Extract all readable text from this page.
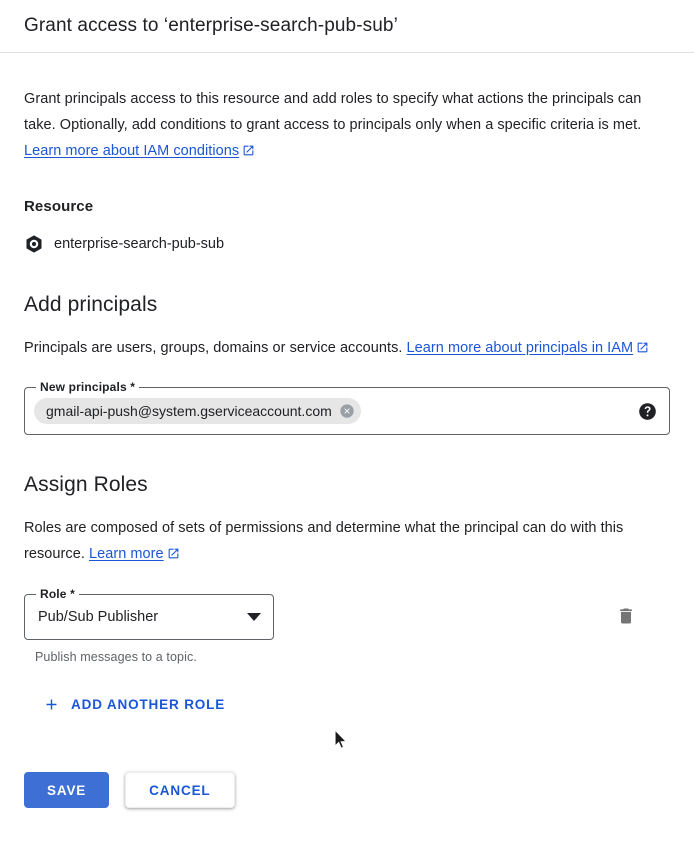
Grant access to ‘enterprise-search-pub-sub’

Grant principals access to this resource and add roles to specify what actions the principals can take. Optionally, add conditions to grant access to principals only when a specific criteria is met. Learn more about IAM conditions

Resource
enterprise-search-pub-sub
Add principals

Principals are users, groups, domains or service accounts. Learn more about principals in IAM

New principals *
gmail-api-push@system.gserviceaccount.com
Assign Roles

Roles are composed of sets of permissions and determine what the principal can do with this resource. Learn more

Role *
Pub/Sub Publisher
Publish messages to a topic.
ADD ANOTHER ROLE
SAVE	CANCEL
